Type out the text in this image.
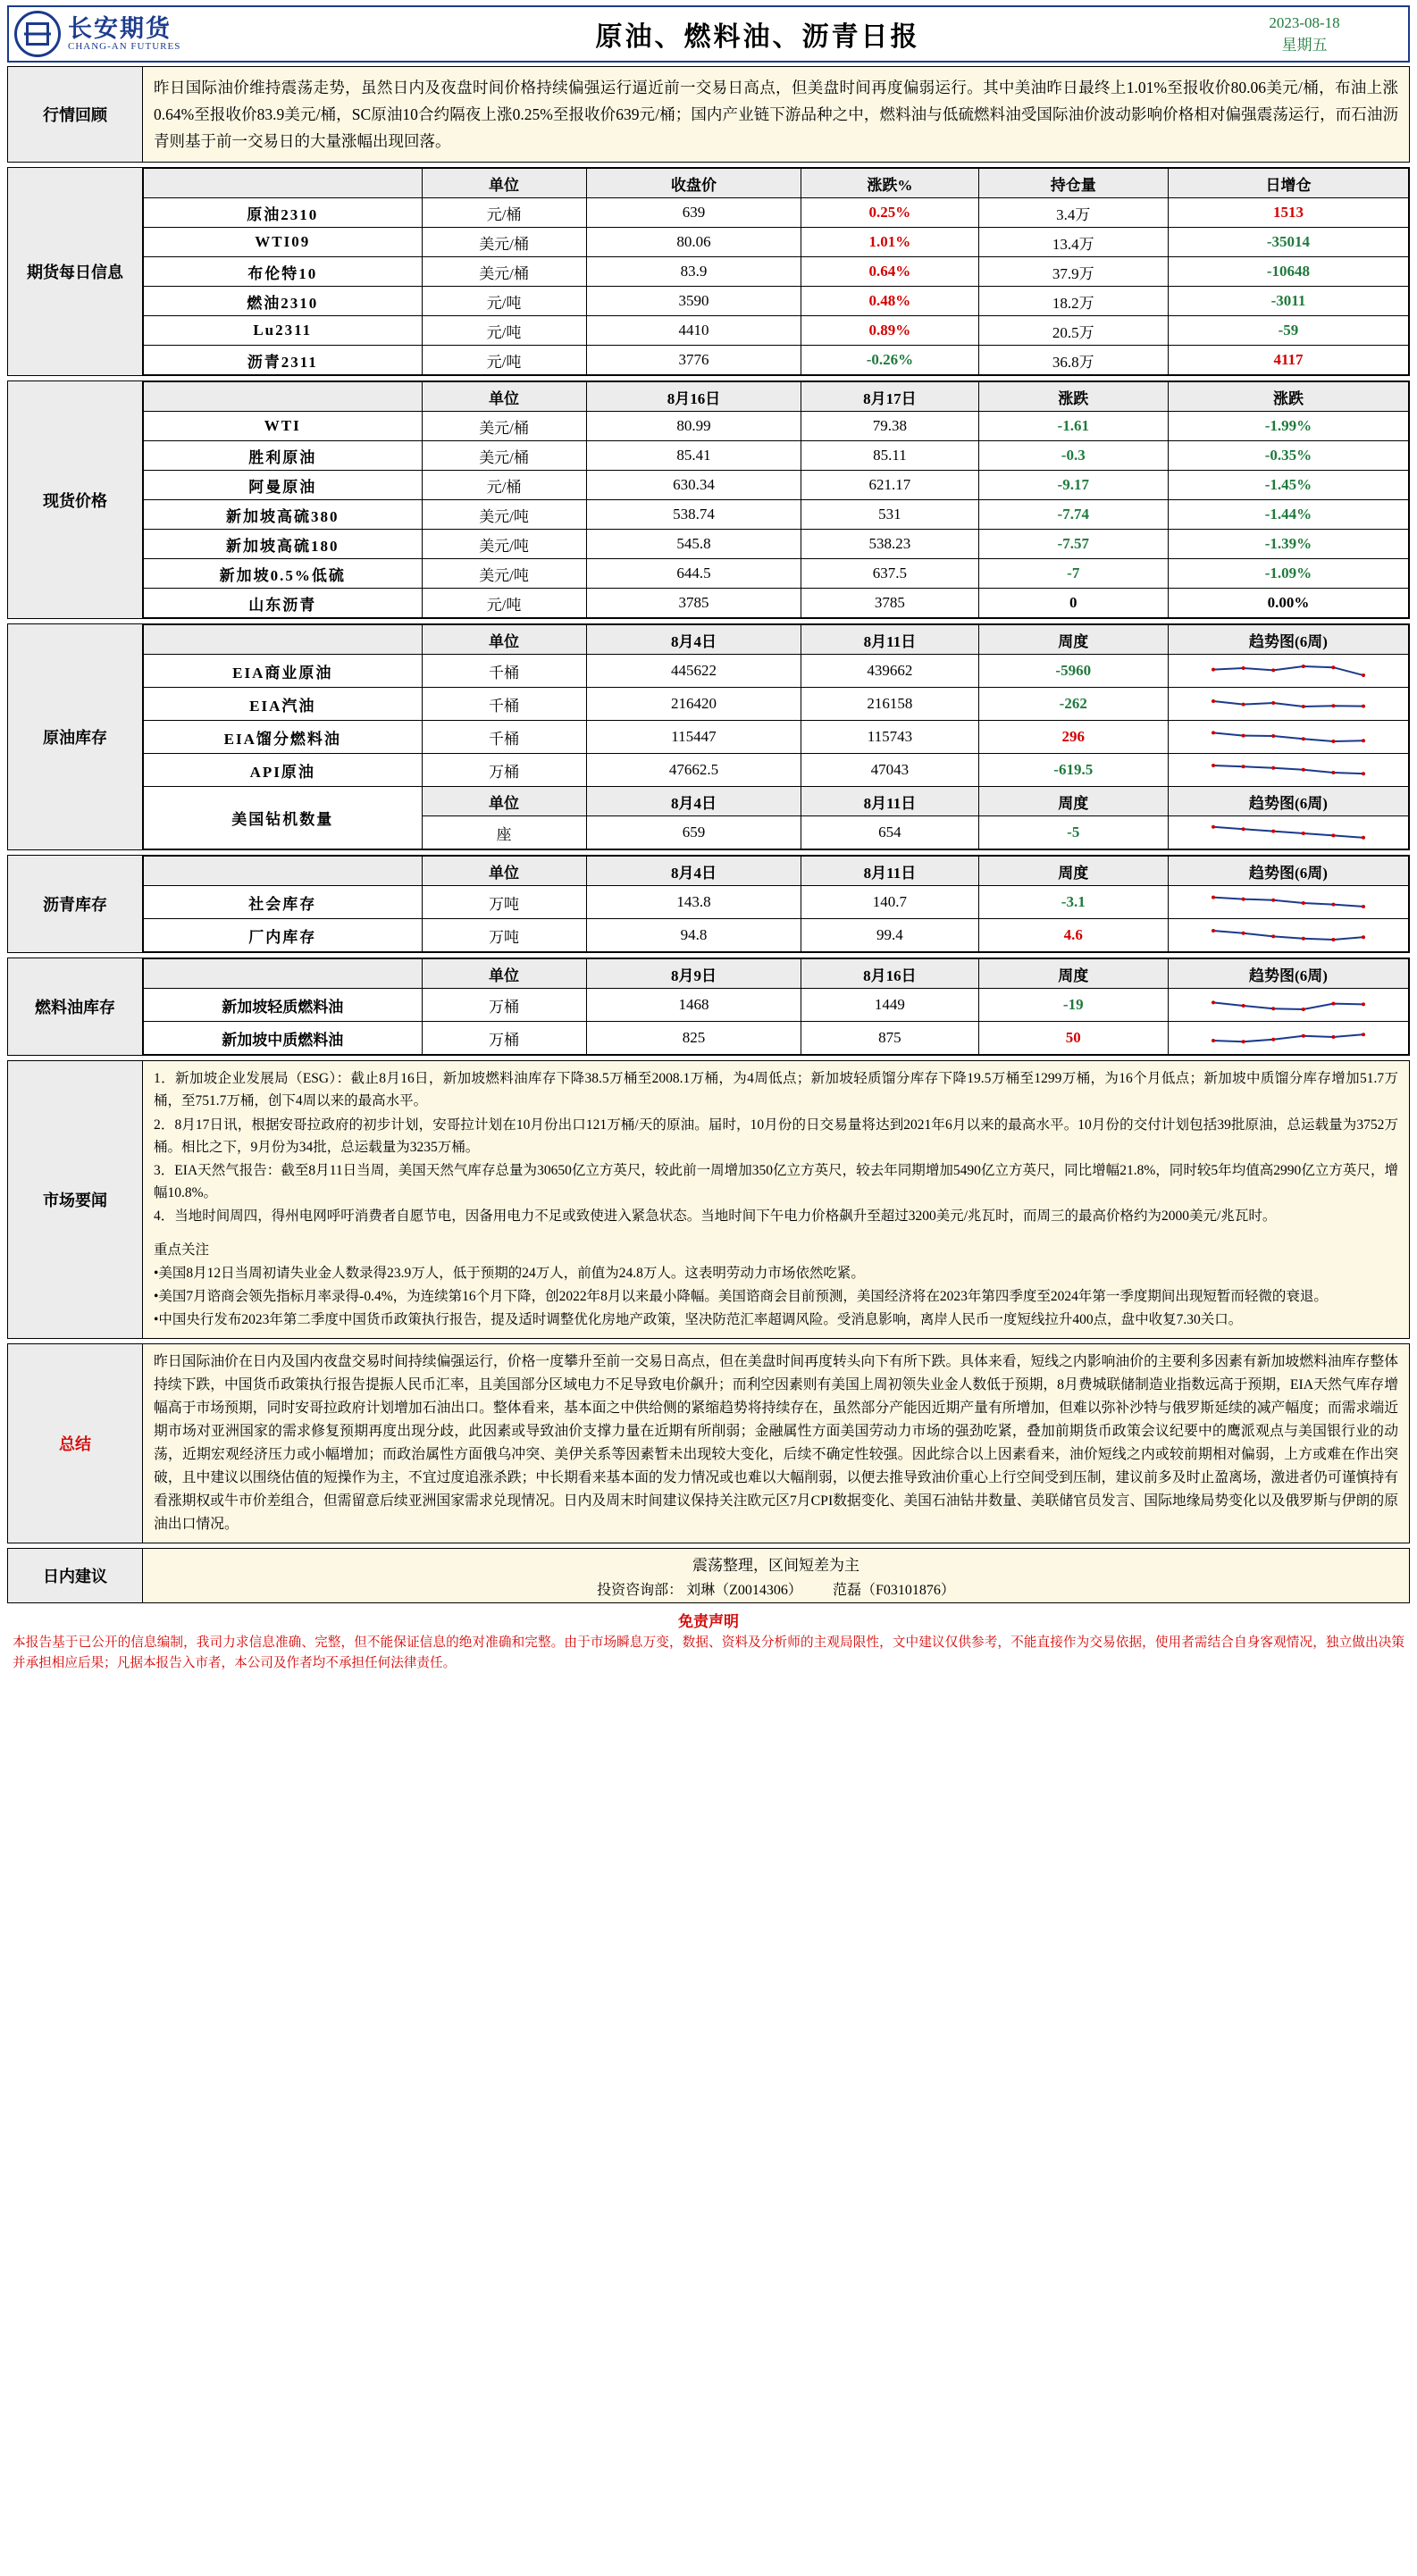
长安期货
CHANG-AN FUTURES	原油、燃料油、沥青日报	2023-08-18
星期五
行情回顾	昨日国际油价维持震荡走势，虽然日内及夜盘时间价格持续偏强运行逼近前一交易日高点，但美盘时间再度偏弱运行。其中美油昨日最终上1.01%至报收价80.06美元/桶，布油上涨0.64%至报收价83.9美元/桶，SC原油10合约隔夜上涨0.25%至报收价639元/桶；国内产业链下游品种之中，燃料油与低硫燃料油受国际油价波动影响价格相对偏强震荡运行，而石油沥青则基于前一交易日的大量涨幅出现回落。
期货每日信息	
	单位	收盘价	涨跌%	持仓量	日增仓
原油2310	元/桶	639	0.25%	3.4万	1513
WTI09	美元/桶	80.06	1.01%	13.4万	-35014
布伦特10	美元/桶	83.9	0.64%	37.9万	-10648
燃油2310	元/吨	3590	0.48%	18.2万	-3011
Lu2311	元/吨	4410	0.89%	20.5万	-59
沥青2311	元/吨	3776	-0.26%	36.8万	4117
现货价格	
	单位	8月16日	8月17日	涨跌	涨跌
WTI	美元/桶	80.99	79.38	-1.61	-1.99%
胜利原油	美元/桶	85.41	85.11	-0.3	-0.35%
阿曼原油	元/桶	630.34	621.17	-9.17	-1.45%
新加坡高硫380	美元/吨	538.74	531	-7.74	-1.44%
新加坡高硫180	美元/吨	545.8	538.23	-7.57	-1.39%
新加坡0.5%低硫	美元/吨	644.5	637.5	-7	-1.09%
山东沥青	元/吨	3785	3785	0	0.00%
原油库存	
	单位	8月4日	8月11日	周度	趋势图(6周)
EIA商业原油	千桶	445622	439662	-5960	

EIA汽油	千桶	216420	216158	-262	

EIA馏分燃料油	千桶	115447	115743	296	

API原油	万桶	47662.5	47043	-619.5	

美国钻机数量	单位	8月4日	8月11日	周度	趋势图(6周)
座	659	654	-5	
沥青库存	
	单位	8月4日	8月11日	周度	趋势图(6周)
社会库存	万吨	143.8	140.7	-3.1	

厂内库存	万吨	94.8	99.4	4.6	
燃料油库存	
	单位	8月9日	8月16日	周度	趋势图(6周)
新加坡轻质燃料油	万桶	1468	1449	-19	

新加坡中质燃料油	万桶	825	875	50	
市场要闻	

1．新加坡企业发展局（ESG）：截止8月16日，新加坡燃料油库存下降38.5万桶至2008.1万桶，为4周低点；新加坡轻质馏分库存下降19.5万桶至1299万桶，为16个月低点；新加坡中质馏分库存增加51.7万桶，至751.7万桶，创下4周以来的最高水平。

2．8月17日讯，根据安哥拉政府的初步计划，安哥拉计划在10月份出口121万桶/天的原油。届时，10月份的日交易量将达到2021年6月以来的最高水平。10月份的交付计划包括39批原油，总运载量为3752万桶。相比之下，9月份为34批，总运载量为3235万桶。

3．EIA天然气报告：截至8月11日当周，美国天然气库存总量为30650亿立方英尺，较此前一周增加350亿立方英尺，较去年同期增加5490亿立方英尺，同比增幅21.8%，同时较5年均值高2990亿立方英尺，增幅10.8%。

4．当地时间周四，得州电网呼吁消费者自愿节电，因备用电力不足或致使进入紧急状态。当地时间下午电力价格飙升至超过3200美元/兆瓦时，而周三的最高价格约为2000美元/兆瓦时。

重点关注

•美国8月12日当周初请失业金人数录得23.9万人，低于预期的24万人，前值为24.8万人。这表明劳动力市场依然吃紧。

•美国7月谘商会领先指标月率录得-0.4%，为连续第16个月下降，创2022年8月以来最小降幅。美国谘商会目前预测，美国经济将在2023年第四季度至2024年第一季度期间出现短暂而轻微的衰退。

•中国央行发布2023年第二季度中国货币政策执行报告，提及适时调整优化房地产政策，坚决防范汇率超调风险。受消息影响，离岸人民币一度短线拉升400点，盘中收复7.30关口。

总结	昨日国际油价在日内及国内夜盘交易时间持续偏强运行，价格一度攀升至前一交易日高点，但在美盘时间再度转头向下有所下跌。具体来看，短线之内影响油价的主要利多因素有新加坡燃料油库存整体持续下跌，中国货币政策执行报告提振人民币汇率，且美国部分区域电力不足导致电价飙升；而利空因素则有美国上周初领失业金人数低于预期，8月费城联储制造业指数远高于预期，EIA天然气库存增幅高于市场预期，同时安哥拉政府计划增加石油出口。整体看来，基本面之中供给侧的紧缩趋势将持续存在，虽然部分产能因近期产量有所增加，但难以弥补沙特与俄罗斯延续的减产幅度；而需求端近期市场对亚洲国家的需求修复预期再度出现分歧，此因素或导致油价支撑力量在近期有所削弱；金融属性方面美国劳动力市场的强劲吃紧，叠加前期货币政策会议纪要中的鹰派观点与美国银行业的动荡，近期宏观经济压力或小幅增加；而政治属性方面俄乌冲突、美伊关系等因素暂未出现较大变化，后续不确定性较强。因此综合以上因素看来，油价短线之内或较前期相对偏弱，上方或难在作出突破，且中建议以围绕估值的短操作为主，不宜过度追涨杀跌；中长期看来基本面的发力情况或也难以大幅削弱，以便去推导致油价重心上行空间受到压制，建议前多及时止盈离场，激进者仍可谨慎持有看涨期权或牛市价差组合，但需留意后续亚洲国家需求兑现情况。日内及周末时间建议保持关注欧元区7月CPI数据变化、美国石油钻井数量、美联储官员发言、国际地缘局势变化以及俄罗斯与伊朗的原油出口情况。
日内建议	
震荡整理，区间短差为主
投资咨询部： 刘琳（Z0014306） 范磊（F03101876）
免责声明
本报告基于已公开的信息编制，我司力求信息准确、完整，但不能保证信息的绝对准确和完整。由于市场瞬息万变，数据、资料及分析师的主观局限性，文中建议仅供参考，不能直接作为交易依据，使用者需结合自身客观情况，独立做出决策并承担相应后果；凡据本报告入市者，本公司及作者均不承担任何法律责任。
